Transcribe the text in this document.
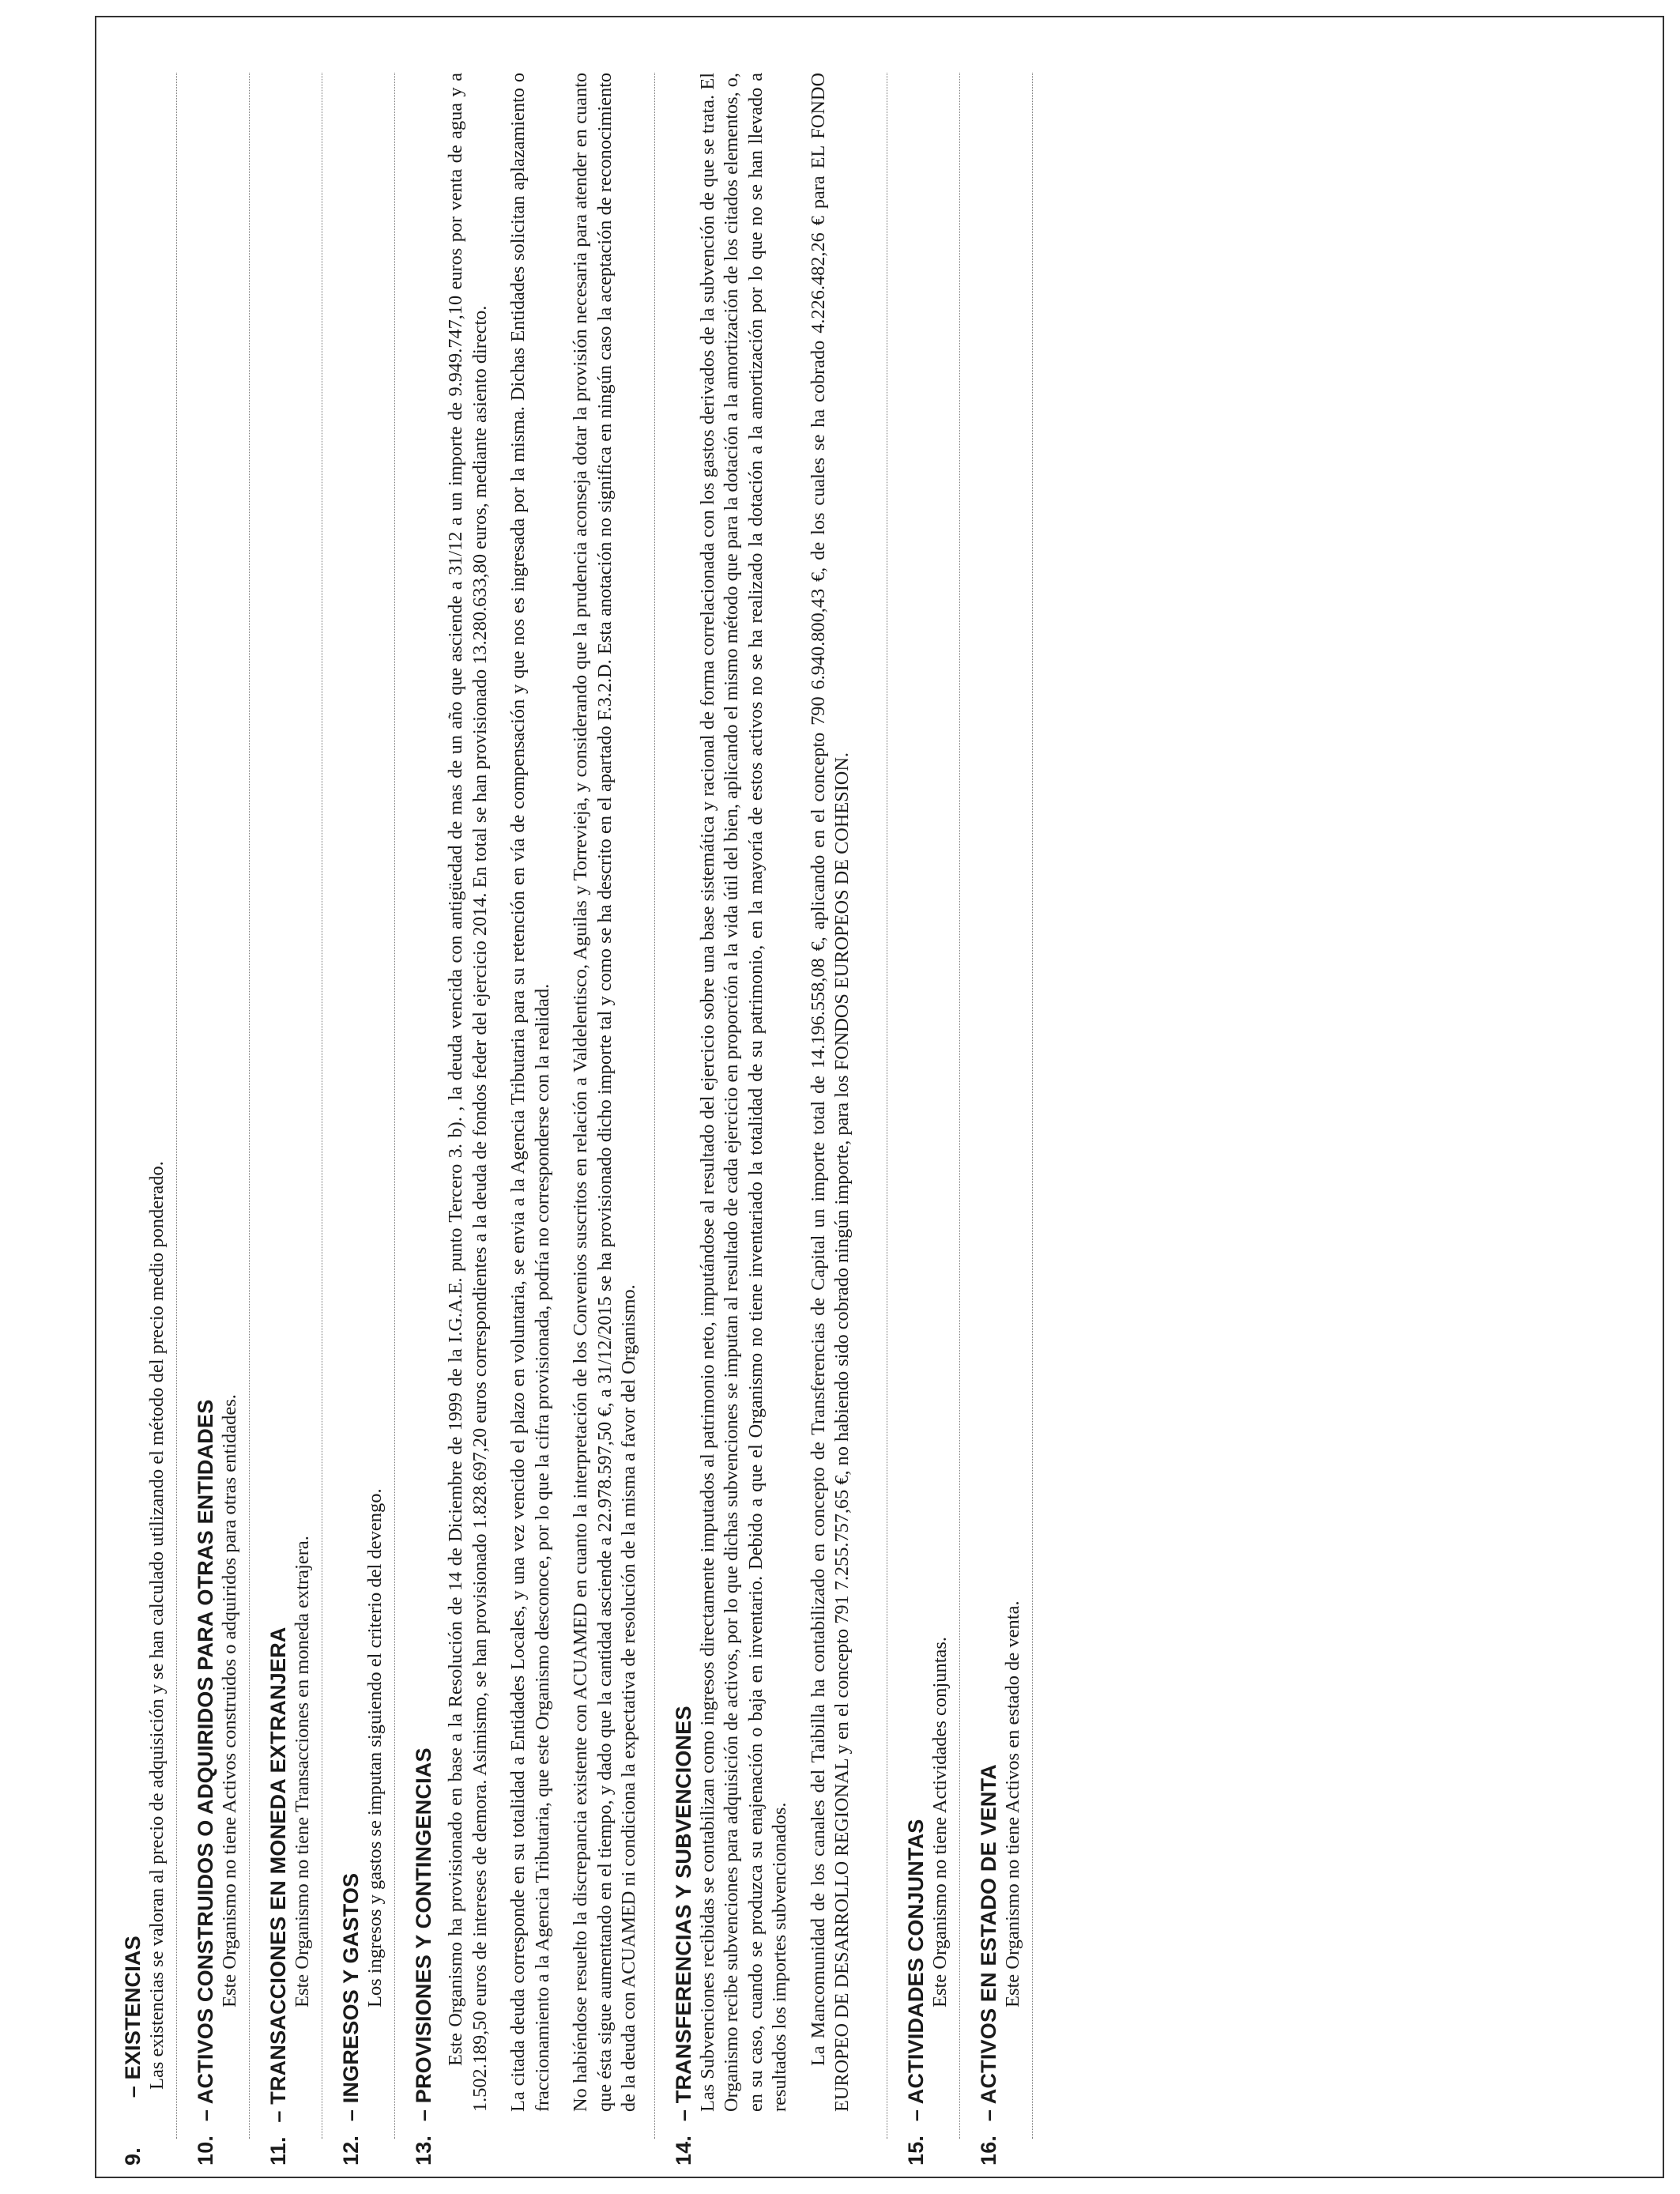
9. – EXISTENCIAS Las existencias se valoran al precio de adquisición y se han calculado utilizando el método del precio medio ponderado.
10. – ACTIVOS CONSTRUIDOS O ADQUIRIDOS PARA OTRAS ENTIDADES Este Organismo no tiene Activos construidos o adquiridos para otras entidades.
11. – TRANSACCIONES EN MONEDA EXTRANJERA Este Organismo no tiene Transacciones en moneda extrajera.
12. – INGRESOS Y GASTOS Los ingresos y gastos se imputan siguiendo el criterio del devengo.
13. – PROVISIONES Y CONTINGENCIAS Este Organismo ha provisionado en base a la Resolución de 14 de Diciembre de 1999 de la I.G.A.E. punto Tercero 3. b). , la deuda vencida con antigüedad de mas de un año que asciende a 31/12 a un importe de 9.949.747,10 euros por venta de agua y a 1.502.189,50 euros de intereses de demora. Asimismo, se han provisionado 1.828.697,20 euros correspondientes a la deuda de fondos feder del ejercicio 2014. En total se han provisionado 13.280.633,80 euros, mediante asiento directo. La citada deuda corresponde en su totalidad a Entidades Locales, y una vez vencido el plazo en voluntaria, se envia a la Agencia Tributaria para su retención en vía de compensación y que nos es ingresada por la misma. Dichas Entidades solicitan aplazamiento o fraccionamiento a la Agencia Tributaria, que este Organismo desconoce, por lo que la cifra provisionada, podría no corresponderse con la realidad. No habiéndose resuelto la discrepancia existente con ACUAMED en cuanto la interpretación de los Convenios suscritos en relación a Valdelentisco, Aguilas y Torrevieja, y considerando que la prudencia aconseja dotar la provisión necesaria para atender en cuanto que ésta sigue aumentando en el tiempo, y dado que la cantidad asciende a 22.978.597,50 €, a 31/12/2015 se ha provisionado dicho importe tal y como se ha descrito en el apartado F.3.2.D. Esta anotación no significa en ningún caso la aceptación de reconocimiento de la deuda con ACUAMED ni condiciona la expectativa de resolución de la misma a favor del Organismo.

14. – TRANSFERENCIAS Y SUBVENCIONES Las Subvenciones recibidas se contabilizan como ingresos directamente imputados al patrimonio neto, imputándose al resultado del ejercicio sobre una base sistemática y racional de forma correlacionada con los gastos derivados de la subvención de que se trata. El Organismo recibe subvenciones para adquisición de activos, por lo que dichas subvenciones se imputan al resultado de cada ejercicio en proporción a la vida útil del bien, aplicando el mismo método que para la dotación a la amortización de los citados elementos, o, en su caso, cuando se produzca su enajenación o baja en inventario. Debido a que el Organismo no tiene inventariado la totalidad de su patrimonio, en la mayoría de estos activos no se ha realizado la dotación a la amortización por lo que no se han llevado a resultados los importes subvencionados. La Mancomunidad de los canales del Taibilla ha contabilizado en concepto de Transferencias de Capital un importe total de 14.196.558,08 €, aplicando en el concepto 790 6.940.800,43 €, de los cuales se ha cobrado 4.226.482,26 € para EL FONDO EUROPEO DE DESARROLLO REGIONAL y en el concepto 791 7.255.757,65 €, no habiendo sido cobrado ningún importe, para los FONDOS EUROPEOS DE COHESION.

15. – ACTIVIDADES CONJUNTAS Este Organismo no tiene Actividades conjuntas.
16. – ACTIVOS EN ESTADO DE VENTA Este Organismo no tiene Activos en estado de venta.
